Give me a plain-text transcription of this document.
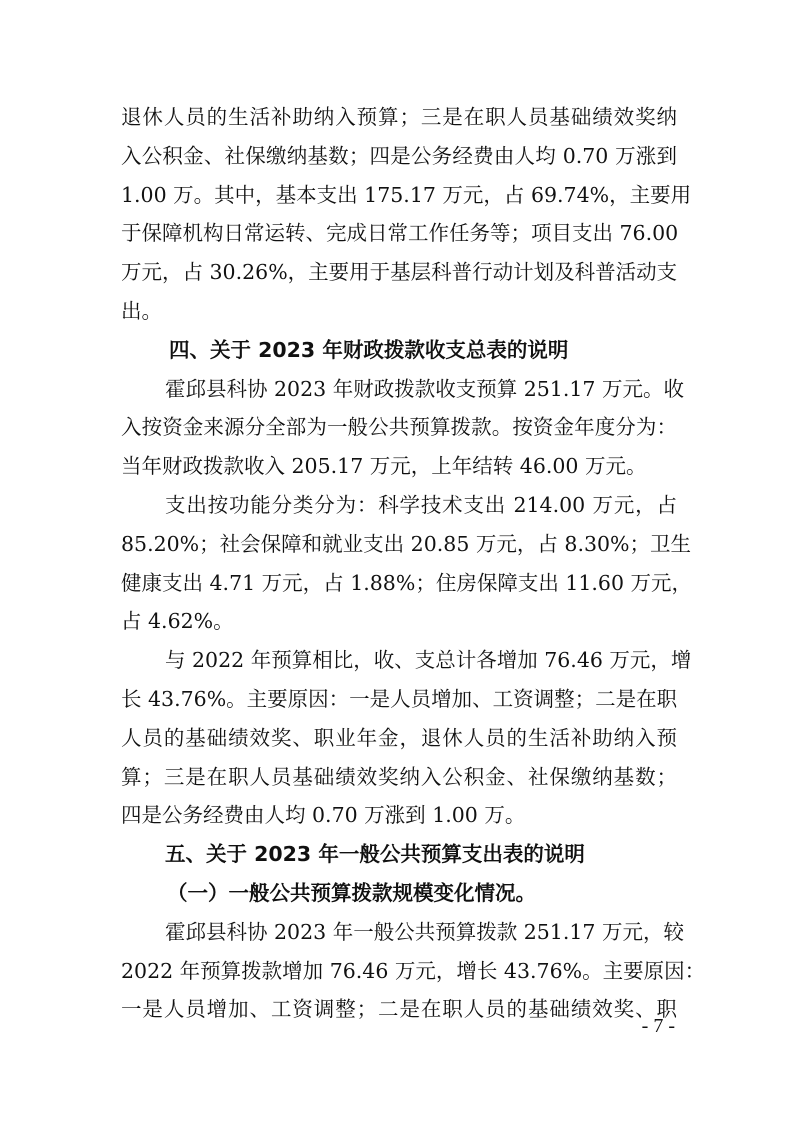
退休人员的生活补助纳入预算；三是在职人员基础绩效奖纳
入公积金、社保缴纳基数；四是公务经费由人均 0.70 万涨到
1.00 万。其中，基本支出 175.17 万元，占 69.74%，主要用
于保障机构日常运转、完成日常工作任务等；项目支出 76.00
万元，占 30.26%，主要用于基层科普行动计划及科普活动支
出。
四、关于 2023 年财政拨款收支总表的说明
霍邱县科协 2023 年财政拨款收支预算 251.17 万元。收
入按资金来源分全部为一般公共预算拨款。按资金年度分为：
当年财政拨款收入 205.17 万元，上年结转 46.00 万元。
支出按功能分类分为：科学技术支出 214.00 万元，占
85.20%；社会保障和就业支出 20.85 万元，占 8.30%；卫生
健康支出 4.71 万元，占 1.88%；住房保障支出 11.60 万元，
占 4.62%。
与 2022 年预算相比，收、支总计各增加 76.46 万元，增
长 43.76%。主要原因：一是人员增加、工资调整；二是在职
人员的基础绩效奖、职业年金，退休人员的生活补助纳入预
算；三是在职人员基础绩效奖纳入公积金、社保缴纳基数；
四是公务经费由人均 0.70 万涨到 1.00 万。
五、关于 2023 年一般公共预算支出表的说明
（一）一般公共预算拨款规模变化情况。
霍邱县科协 2023 年一般公共预算拨款 251.17 万元，较
2022 年预算拨款增加 76.46 万元，增长 43.76%。主要原因：
一是人员增加、工资调整；二是在职人员的基础绩效奖、职
- 7 -
